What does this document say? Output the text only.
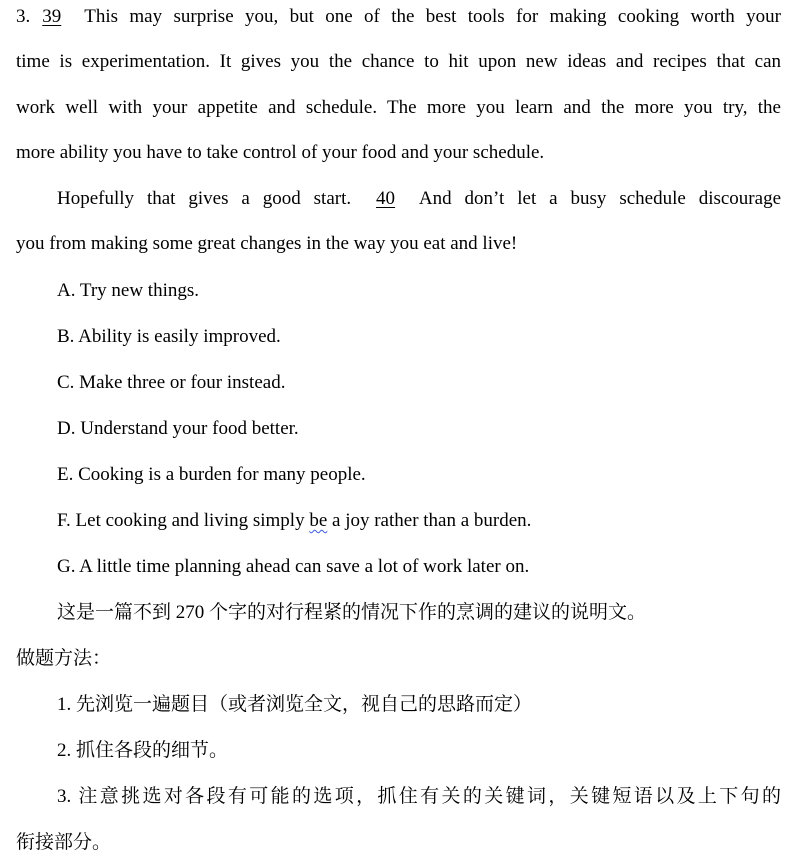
3. 39 This may surprise you, but one of the best tools for making cooking worth your
time is experimentation. It gives you the chance to hit upon new ideas and recipes that can
work well with your appetite and schedule. The more you learn and the more you try, the
more ability you have to take control of your food and your schedule.
Hopefully that gives a good start. 40 And don’t let a busy schedule discourage
you from making some great changes in the way you eat and live!
A. Try new things.
B. Ability is easily improved.
C. Make three or four instead.
D. Understand your food better.
E. Cooking is a burden for many people.
F. Let cooking and living simply be a joy rather than a burden.
G. A little time planning ahead can save a lot of work later on.
这是一篇不到 270 个字的对行程紧的情况下作的烹调的建议的说明文。
做题方法：
1. 先浏览一遍题目（或者浏览全文，视自己的思路而定）
2. 抓住各段的细节。
3. 注意挑选对各段有可能的选项，抓住有关的关键词，关键短语以及上下句的
衔接部分。
